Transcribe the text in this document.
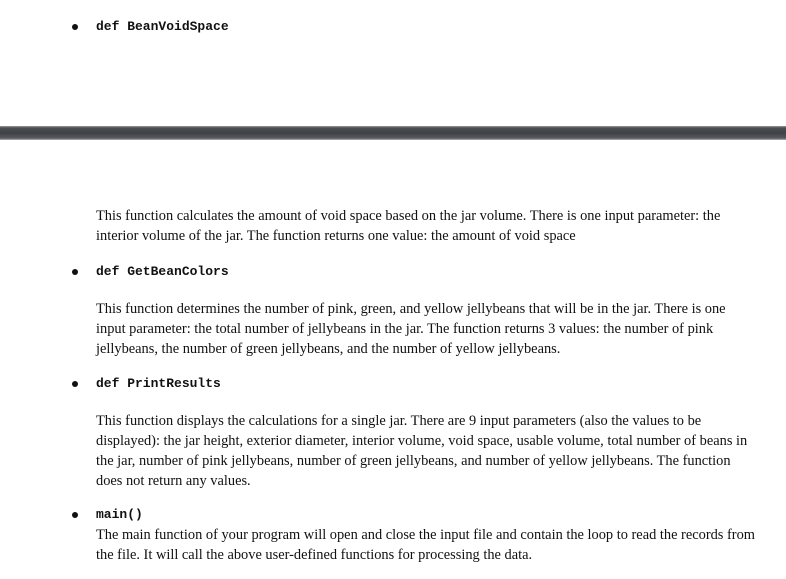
def BeanVoidSpace
This function calculates the amount of void space based on the jar volume. There is one input parameter: the interior volume of the jar. The function returns one value: the amount of void space
def GetBeanColors
This function determines the number of pink, green, and yellow jellybeans that will be in the jar. There is one input parameter: the total number of jellybeans in the jar. The function returns 3 values: the number of pink jellybeans, the number of green jellybeans, and the number of yellow jellybeans.
def PrintResults
This function displays the calculations for a single jar. There are 9 input parameters (also the values to be displayed): the jar height, exterior diameter, interior volume, void space, usable volume, total number of beans in the jar, number of pink jellybeans, number of green jellybeans, and number of yellow jellybeans. The function does not return any values.
main()
The main function of your program will open and close the input file and contain the loop to read the records from the file. It will call the above user-defined functions for processing the data.
